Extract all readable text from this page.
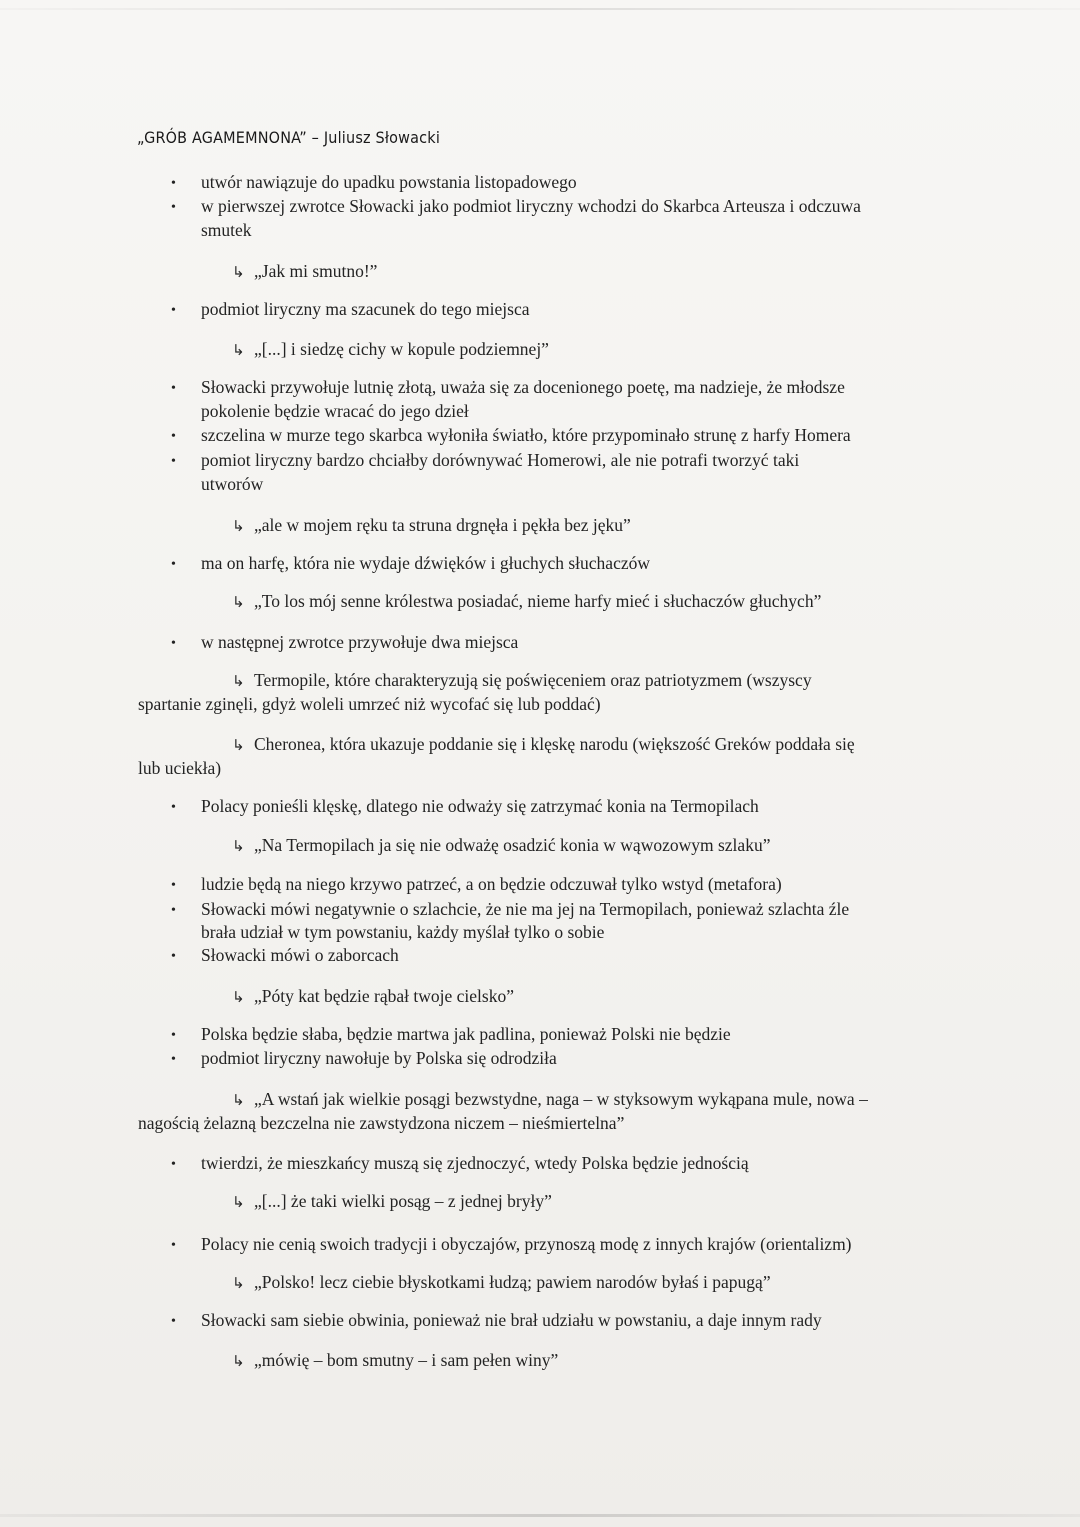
„GRÓB AGAMEMNONA” – Juliusz Słowacki
• utwór nawiązuje do upadku powstania listopadowego
• w pierwszej zwrotce Słowacki jako podmiot liryczny wchodzi do Skarbca Arteusza i odczuwa
smutek
↳ „Jak mi smutno!”
• podmiot liryczny ma szacunek do tego miejsca
↳ „[...] i siedzę cichy w kopule podziemnej”
• Słowacki przywołuje lutnię złotą, uważa się za docenionego poetę, ma nadzieje, że młodsze
pokolenie będzie wracać do jego dzieł
• szczelina w murze tego skarbca wyłoniła światło, które przypominało strunę z harfy Homera
• pomiot liryczny bardzo chciałby dorównywać Homerowi, ale nie potrafi tworzyć taki
utworów
↳ „ale w mojem ręku ta struna drgnęła i pękła bez jęku”
• ma on harfę, która nie wydaje dźwięków i głuchych słuchaczów
↳ „To los mój senne królestwa posiadać, nieme harfy mieć i słuchaczów głuchych”
• w następnej zwrotce przywołuje dwa miejsca
↳ Termopile, które charakteryzują się poświęceniem oraz patriotyzmem (wszyscy
spartanie zginęli, gdyż woleli umrzeć niż wycofać się lub poddać)
↳ Cheronea, która ukazuje poddanie się i klęskę narodu (większość Greków poddała się
lub uciekła)
• Polacy ponieśli klęskę, dlatego nie odważy się zatrzymać konia na Termopilach
↳ „Na Termopilach ja się nie odważę osadzić konia w wąwozowym szlaku”
• ludzie będą na niego krzywo patrzeć, a on będzie odczuwał tylko wstyd (metafora)
• Słowacki mówi negatywnie o szlachcie, że nie ma jej na Termopilach, ponieważ szlachta źle
brała udział w tym powstaniu, każdy myślał tylko o sobie
• Słowacki mówi o zaborcach
↳ „Póty kat będzie rąbał twoje cielsko”
• Polska będzie słaba, będzie martwa jak padlina, ponieważ Polski nie będzie
• podmiot liryczny nawołuje by Polska się odrodziła
↳ „A wstań jak wielkie posągi bezwstydne, naga – w styksowym wykąpana mule, nowa –
nagością żelazną bezczelna nie zawstydzona niczem – nieśmiertelna”
• twierdzi, że mieszkańcy muszą się zjednoczyć, wtedy Polska będzie jednością
↳ „[...] że taki wielki posąg – z jednej bryły”
• Polacy nie cenią swoich tradycji i obyczajów, przynoszą modę z innych krajów (orientalizm)
↳ „Polsko! lecz ciebie błyskotkami łudzą; pawiem narodów byłaś i papugą”
• Słowacki sam siebie obwinia, ponieważ nie brał udziału w powstaniu, a daje innym rady
↳ „mówię – bom smutny – i sam pełen winy”
